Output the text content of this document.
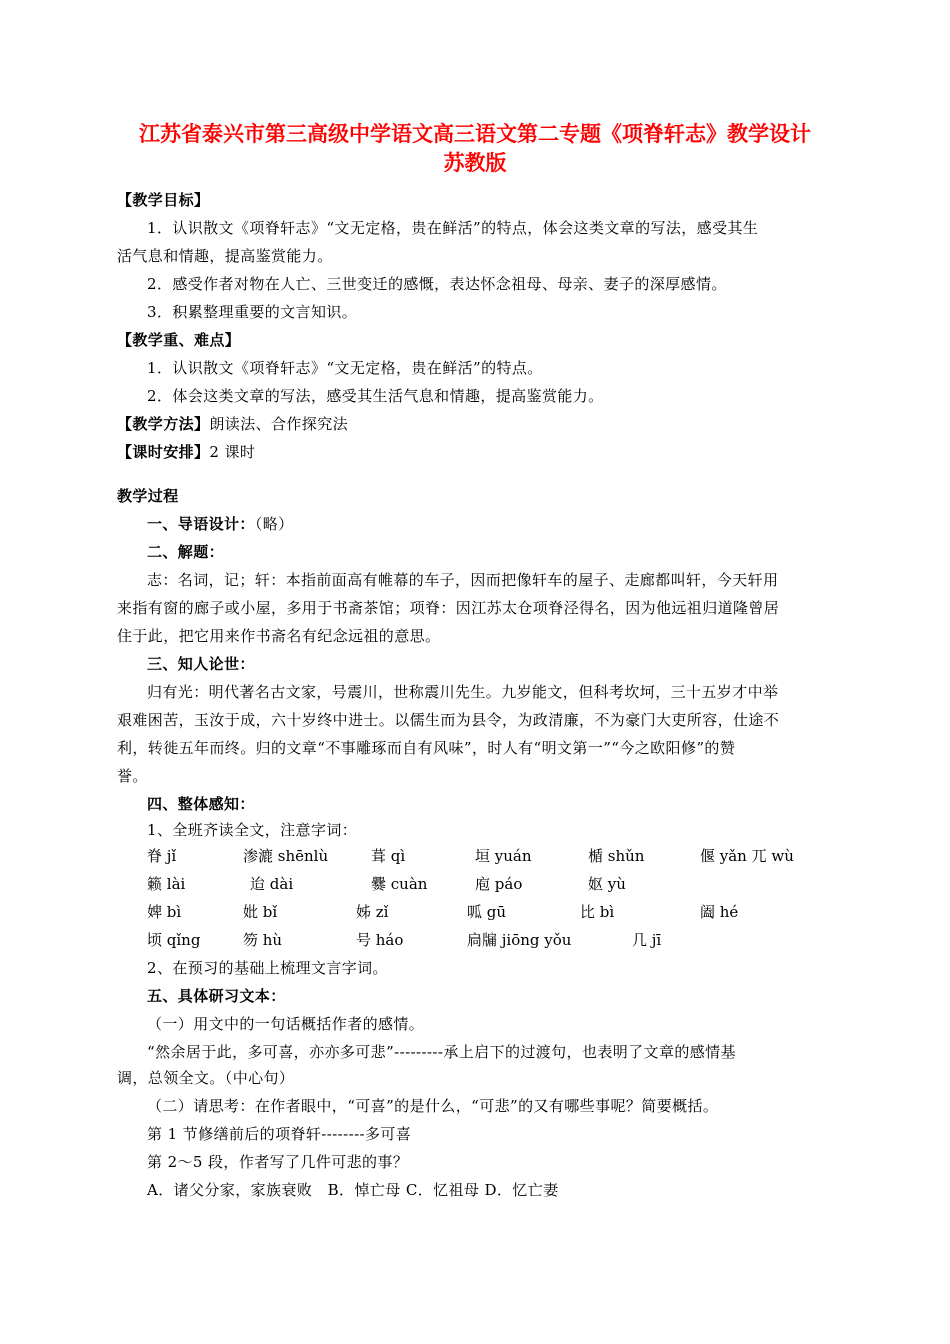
江苏省泰兴市第三高级中学语文高三语文第二专题《项脊轩志》教学设计
苏教版
【教学目标】
1．认识散文《项脊轩志》“文无定格，贵在鲜活”的特点，体会这类文章的写法，感受其生
活气息和情趣，提高鉴赏能力。
2．感受作者对物在人亡、三世变迁的感慨，表达怀念祖母、母亲、妻子的深厚感情。
3．积累整理重要的文言知识。
【教学重、难点】
1．认识散文《项脊轩志》“文无定格，贵在鲜活”的特点。
2．体会这类文章的写法，感受其生活气息和情趣，提高鉴赏能力。
【教学方法】朗读法、合作探究法
【课时安排】2 课时
教学过程
一、导语设计：（略）
二、解题：
志：名词，记；轩：本指前面高有帷幕的车子，因而把像轩车的屋子、走廊都叫轩，今天轩用
来指有窗的廊子或小屋，多用于书斋茶馆；项脊：因江苏太仓项脊泾得名，因为他远祖归道隆曾居
住于此，把它用来作书斋名有纪念远祖的意思。
三、知人论世：
归有光：明代著名古文家，号震川，世称震川先生。九岁能文，但科考坎坷，三十五岁才中举
艰难困苦，玉汝于成，六十岁终中进士。以儒生而为县令，为政清廉，不为豪门大吏所容，仕途不
利，转徙五年而终。归的文章“不事雕琢而自有风味”，时人有“明文第一”“今之欧阳修”的赞
誉。
四、整体感知：
1、全班齐读全文，注意字词：
脊 jǐ	渗漉 shēnlù	葺 qì	垣 yuán	楯 shǔn	偃 yǎn 兀 wù
籁 lài	迨 dài	爨 cuàn	庖 páo	妪 yù
婢 bì	妣 bǐ	姊 zǐ	呱 gū	比 bì	阖 hé
顷 qǐng	笏 hù	号 háo	扃牖 jiōng yǒu	几 jī
2、在预习的基础上梳理文言字词。
五、具体研习文本：
（一）用文中的一句话概括作者的感情。
“然余居于此，多可喜，亦亦多可悲”---------承上启下的过渡句，也表明了文章的感情基
调，总领全文。（中心句）
（二）请思考：在作者眼中，“可喜”的是什么，“可悲”的又有哪些事呢？简要概括。
第 1 节修缮前后的项脊轩--------多可喜
第 2～5 段，作者写了几件可悲的事？
A．诸父分家，家族衰败　B．悼亡母 C．忆祖母 D．忆亡妻
